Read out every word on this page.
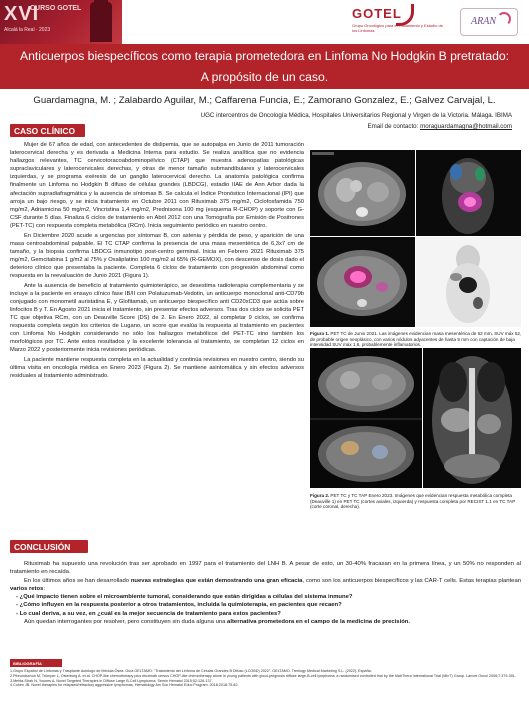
XVI
CURSO GOTEL
Alcalá la Real · 2023
GOTEL
Grupo Oncológico para el Tratamiento y Estudio de los Linfomas
ARAN
Anticuerpos biespecíficos como terapia prometedora en Linfoma No Hodgkin B pretratado:
A propósito de un caso.
Guardamagna, M. ; Zalabardo Aguilar, M.; Caffarena Funcia, E.; Zamorano Gonzalez, E.; Galvez Carvajal, L.
UGC intercentros de Oncología Médica, Hospitales Universitarios Regional y Virgen de la Victoria. Málaga. IBIMA
Email de contacto: moraguardamagna@hotmail.com
CASO CLÍNICO

Mujer de 67 años de edad, con antecedentes de dislipemia, que se autopalpa en Junio de 2011 tumoración laterocervical derecha y es derivada a Medicina Interna para estudio. Se realiza analítica que no evidencia hallazgos relevantes, TC cervicotoracoabdominopélvico (CTAP) que muestra adenopatías patológicas supraclaviculares y laterocervicales derechas, y otras de menor tamaño submandibulares y laterocervicales izquierdas, y se programa exéresis de un ganglio laterocervical derecho. La anatomía patológica confirma finalmente un Linfoma no Hodgkin B difuso de células grandes (LBDCG), estadio IIAE de Ann Arbor dada la afectación supradiafragmática y la ausencia de síntomas B. Se calcula el Índice Pronóstico Internacional (IPI) que arroja un bajo riesgo, y se inicia tratamiento en Octubre 2011 con Rituximab 375 mg/m2, Ciclofosfamida 750 mg/m2, Adriamicina 50 mg/m2, Vincristina 1,4 mg/m2, Prednisona 100 mg (esquema R-CHOP) y soporte con G-CSF durante 5 días. Finaliza 6 ciclos de tratamiento en Abril 2012 con una Tomografía por Emisión de Positrones (PET-TC) con respuesta completa metabólica (RCm). Inicia seguimiento periódico en nuestro centro.

En Diciembre 2020 acude a urgencias por síntomas B, con astenia y pérdida de peso, y aparición de una masa centroabdominal palpable. El TC CTAP confirma la presencia de una masa mesentérica de 6,3x7 cm de tamaño, y la biopsia confirma LBDCG inmunotipo post-centro germinal. Inicia en Febrero 2021 Rituximab 375 mg/m2, Gemcitabina 1 g/m2 al 75% y Oxaliplatino 100 mg/m2 al 65% (R-GEMOX), con descenso de dosis dado el deterioro clínico que presentaba la paciente. Completa 6 ciclos de tratamiento con progresión abdominal como respuesta en la reevaluación de Junio 2021 (Figura 1).

Ante la ausencia de beneficio al tratamiento quimioterápico, se desestima radioterapia complementaria y se incluye a la paciente en ensayo clínico fase IB/II con Polatuzumab-Vedotin, un anticuerpo monoclonal anti-CD79b conjugado con monometil auristatina E, y Glofitamab, un anticuerpo biespecífico anti CD20xCD3 que actúa sobre linfocitos B y T. En Agosto 2021 inicia el tratamiento, sin presentar efectos adversos. Tras dos ciclos se solicita PET TC que objetiva RCm, con un Deauville Score (DS) de 2. En Enero 2022, al completar 9 ciclos, se confirma respuesta completa según los criterios de Lugano, un score que evalúa la respuesta al tratamiento en pacientes con Linfoma No Hodgkin considerando no sólo los hallazgos metabólicos del PET-TC sino también los morfológicos por TC. Ante estos resultados y la excelente tolerancia al tratamiento, se completan 12 ciclos en Marzo 2022 y posteriormente inicia revisiones periódicas.

La paciente mantiene respuesta completa en la actualidad y continúa revisiones en nuestro centro, siendo su última visita en oncología médica en Enero 2023 (Figura 2). Se mantiene asintomática y sin efectos adversos residuales al tratamiento administrado.

Figura 1. PET TC de Junio 2021. Las imágenes evidencian masa mesentérica de 62 mm, SUV máx 52, de probable origen neoplásico, con varios nódulos adyacentes de hasta 9 mm con captación de baja intensidad SUV máx 1,6, probablemente inflamatorios.
Figura 2. PET TC y TC TAP Enero 2023. Imágenes que evidencian respuesta metabólica completa (Deauville 1) en PET TC (cortes axiales, izquierda) y respuesta completa por RECIST 1.1 en TC TAP (corte coronal, derecha).
CONCLUSIÓN

Rituximab ha supuesto una revolución tras ser aprobado en 1997 para el tratamiento del LNH B. A pesar de esto, un 30-40% fracasan en la primera línea, y un 50% no responden al tratamiento en recaída.

En los últimos años se han desarrollado nuevas estrategias que están demostrando una gran eficacia, como son los anticuerpos biespecíficos y las CAR-T cells. Estas terapias plantean varios retos:

- ¿Qué impacto tienen sobre el microambiente tumoral, considerando que están dirigidas a células del sistema inmune?

- ¿Cómo influyen en la respuesta posterior a otros tratamientos, incluida la quimioterapia, en pacientes que recaen?

- Lo cual deriva, a su vez, en ¿cuál es la mejor secuencia de tratamiento para estos pacientes?

Aún quedan interrogantes por resolver, pero constituyen sin duda alguna una alternativa prometedora en el campo de la medicina de precisión.

BIBLIOGRAFÍA
1.Grupo Español de Linfomas y Trasplante Autólogo de Médula Ósea. Guía GELTAMO: "Tratamiento del Linfoma de Células Grandes B Difuso (LCGBD) 2022". GELTAMO. Treelogy Medical Marketing S.L. (2022). España.
2.Pfreundschuh M, Trümper L, Österborg A, et al. CHOP-like chemotherapy plus rituximab versus CHOP-like chemotherapy alone in young patients with good-prognosis diffuse large-B-cell lymphoma: a randomised controlled trial by the MabThera International Trial (MInT) Group. Lancet Oncol 2006;7:379-391.
3.Mehta-Shah N, Younes A. Novel Targeted Therapies in Diffuse Large B-Cell Lymphoma. Semin Hematol 2015;52:126-137.
4.Cohen JB. Novel therapies for relapsed/refractory aggressive lymphomas. Hematology Am Soc Hematol Educ Program. 2018;2018:75-82.
